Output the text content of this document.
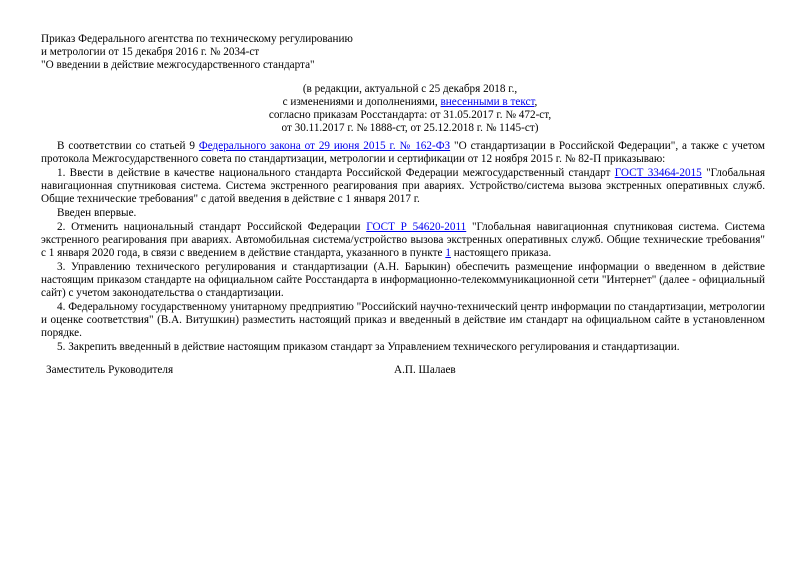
Приказ Федерального агентства по техническому регулированию
и метрологии от 15 декабря 2016 г. № 2034-ст
"О введении в действие межгосударственного стандарта"
(в редакции, актуальной с 25 декабря 2018 г.,
с изменениями и дополнениями, внесенными в текст,
согласно приказам Росстандарта: от 31.05.2017 г. № 472-ст,
от 30.11.2017 г. № 1888-ст, от 25.12.2018 г. № 1145-ст)

В соответствии со статьей 9 Федерального закона от 29 июня 2015 г. № 162-ФЗ "О стандартизации в Российской Федерации", а также с учетом протокола Межгосударственного совета по стандартизации, метрологии и сертификации от 12 ноября 2015 г. № 82-П приказываю:

1. Ввести в действие в качестве национального стандарта Российской Федерации межгосударственный стандарт ГОСТ 33464-2015 "Глобальная навигационная спутниковая система. Система экстренного реагирования при авариях. Устройство/система вызова экстренных оперативных служб. Общие технические требования" с датой введения в действие с 1 января 2017 г.

Введен впервые.

2. Отменить национальный стандарт Российской Федерации ГОСТ Р 54620-2011 "Глобальная навигационная спутниковая система. Система экстренного реагирования при авариях. Автомобильная система/устройство вызова экстренных оперативных служб. Общие технические требования" с 1 января 2020 года, в связи с введением в действие стандарта, указанного в пункте 1 настоящего приказа.

3. Управлению технического регулирования и стандартизации (А.Н. Барыкин) обеспечить размещение информации о введенном в действие настоящим приказом стандарте на официальном сайте Росстандарта в информационно-телекоммуникационной сети "Интернет" (далее - официальный сайт) с учетом законодательства о стандартизации.

4. Федеральному государственному унитарному предприятию "Российский научно-технический центр информации по стандартизации, метрологии и оценке соответствия" (В.А. Витушкин) разместить настоящий приказ и введенный в действие им стандарт на официальном сайте в установленном порядке.

5. Закрепить введенный в действие настоящим приказом стандарт за Управлением технического регулирования и стандартизации.

Заместитель Руководителя	А.П. Шалаев
